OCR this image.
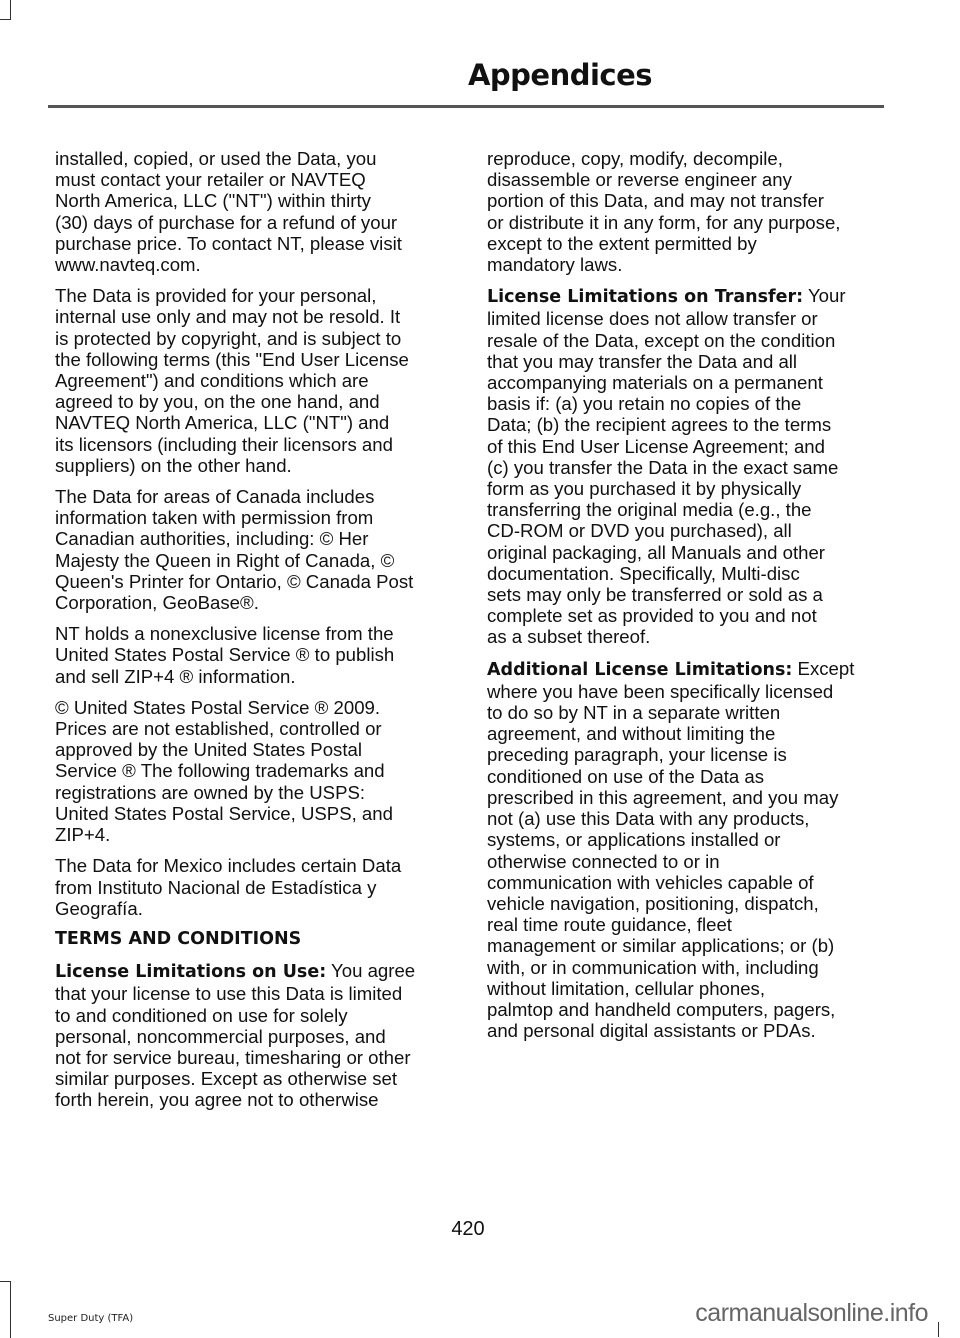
Appendices
installed, copied, or used the Data, you
must contact your retailer or NAVTEQ
North America, LLC ("NT") within thirty
(30) days of purchase for a refund of your
purchase price. To contact NT, please visit
www.navteq.com.
The Data is provided for your personal,
internal use only and may not be resold. It
is protected by copyright, and is subject to
the following terms (this "End User License
Agreement") and conditions which are
agreed to by you, on the one hand, and
NAVTEQ North America, LLC ("NT") and
its licensors (including their licensors and
suppliers) on the other hand.
The Data for areas of Canada includes
information taken with permission from
Canadian authorities, including: © Her
Majesty the Queen in Right of Canada, ©
Queen's Printer for Ontario, © Canada Post
Corporation, GeoBase®.
NT holds a nonexclusive license from the
United States Postal Service ® to publish
and sell ZIP+4 ® information.
© United States Postal Service ® 2009.
Prices are not established, controlled or
approved by the United States Postal
Service ® The following trademarks and
registrations are owned by the USPS:
United States Postal Service, USPS, and
ZIP+4.
The Data for Mexico includes certain Data
from Instituto Nacional de Estadística y
Geografía.
TERMS AND CONDITIONS
License Limitations on Use: You agree
that your license to use this Data is limited
to and conditioned on use for solely
personal, noncommercial purposes, and
not for service bureau, timesharing or other
similar purposes. Except as otherwise set
forth herein, you agree not to otherwise
reproduce, copy, modify, decompile,
disassemble or reverse engineer any
portion of this Data, and may not transfer
or distribute it in any form, for any purpose,
except to the extent permitted by
mandatory laws.
License Limitations on Transfer: Your
limited license does not allow transfer or
resale of the Data, except on the condition
that you may transfer the Data and all
accompanying materials on a permanent
basis if: (a) you retain no copies of the
Data; (b) the recipient agrees to the terms
of this End User License Agreement; and
(c) you transfer the Data in the exact same
form as you purchased it by physically
transferring the original media (e.g., the
CD-ROM or DVD you purchased), all
original packaging, all Manuals and other
documentation. Specifically, Multi-disc
sets may only be transferred or sold as a
complete set as provided to you and not
as a subset thereof.
Additional License Limitations: Except
where you have been specifically licensed
to do so by NT in a separate written
agreement, and without limiting the
preceding paragraph, your license is
conditioned on use of the Data as
prescribed in this agreement, and you may
not (a) use this Data with any products,
systems, or applications installed or
otherwise connected to or in
communication with vehicles capable of
vehicle navigation, positioning, dispatch,
real time route guidance, fleet
management or similar applications; or (b)
with, or in communication with, including
without limitation, cellular phones,
palmtop and handheld computers, pagers,
and personal digital assistants or PDAs.
420
Super Duty (TFA)	carmanualsonline.info
